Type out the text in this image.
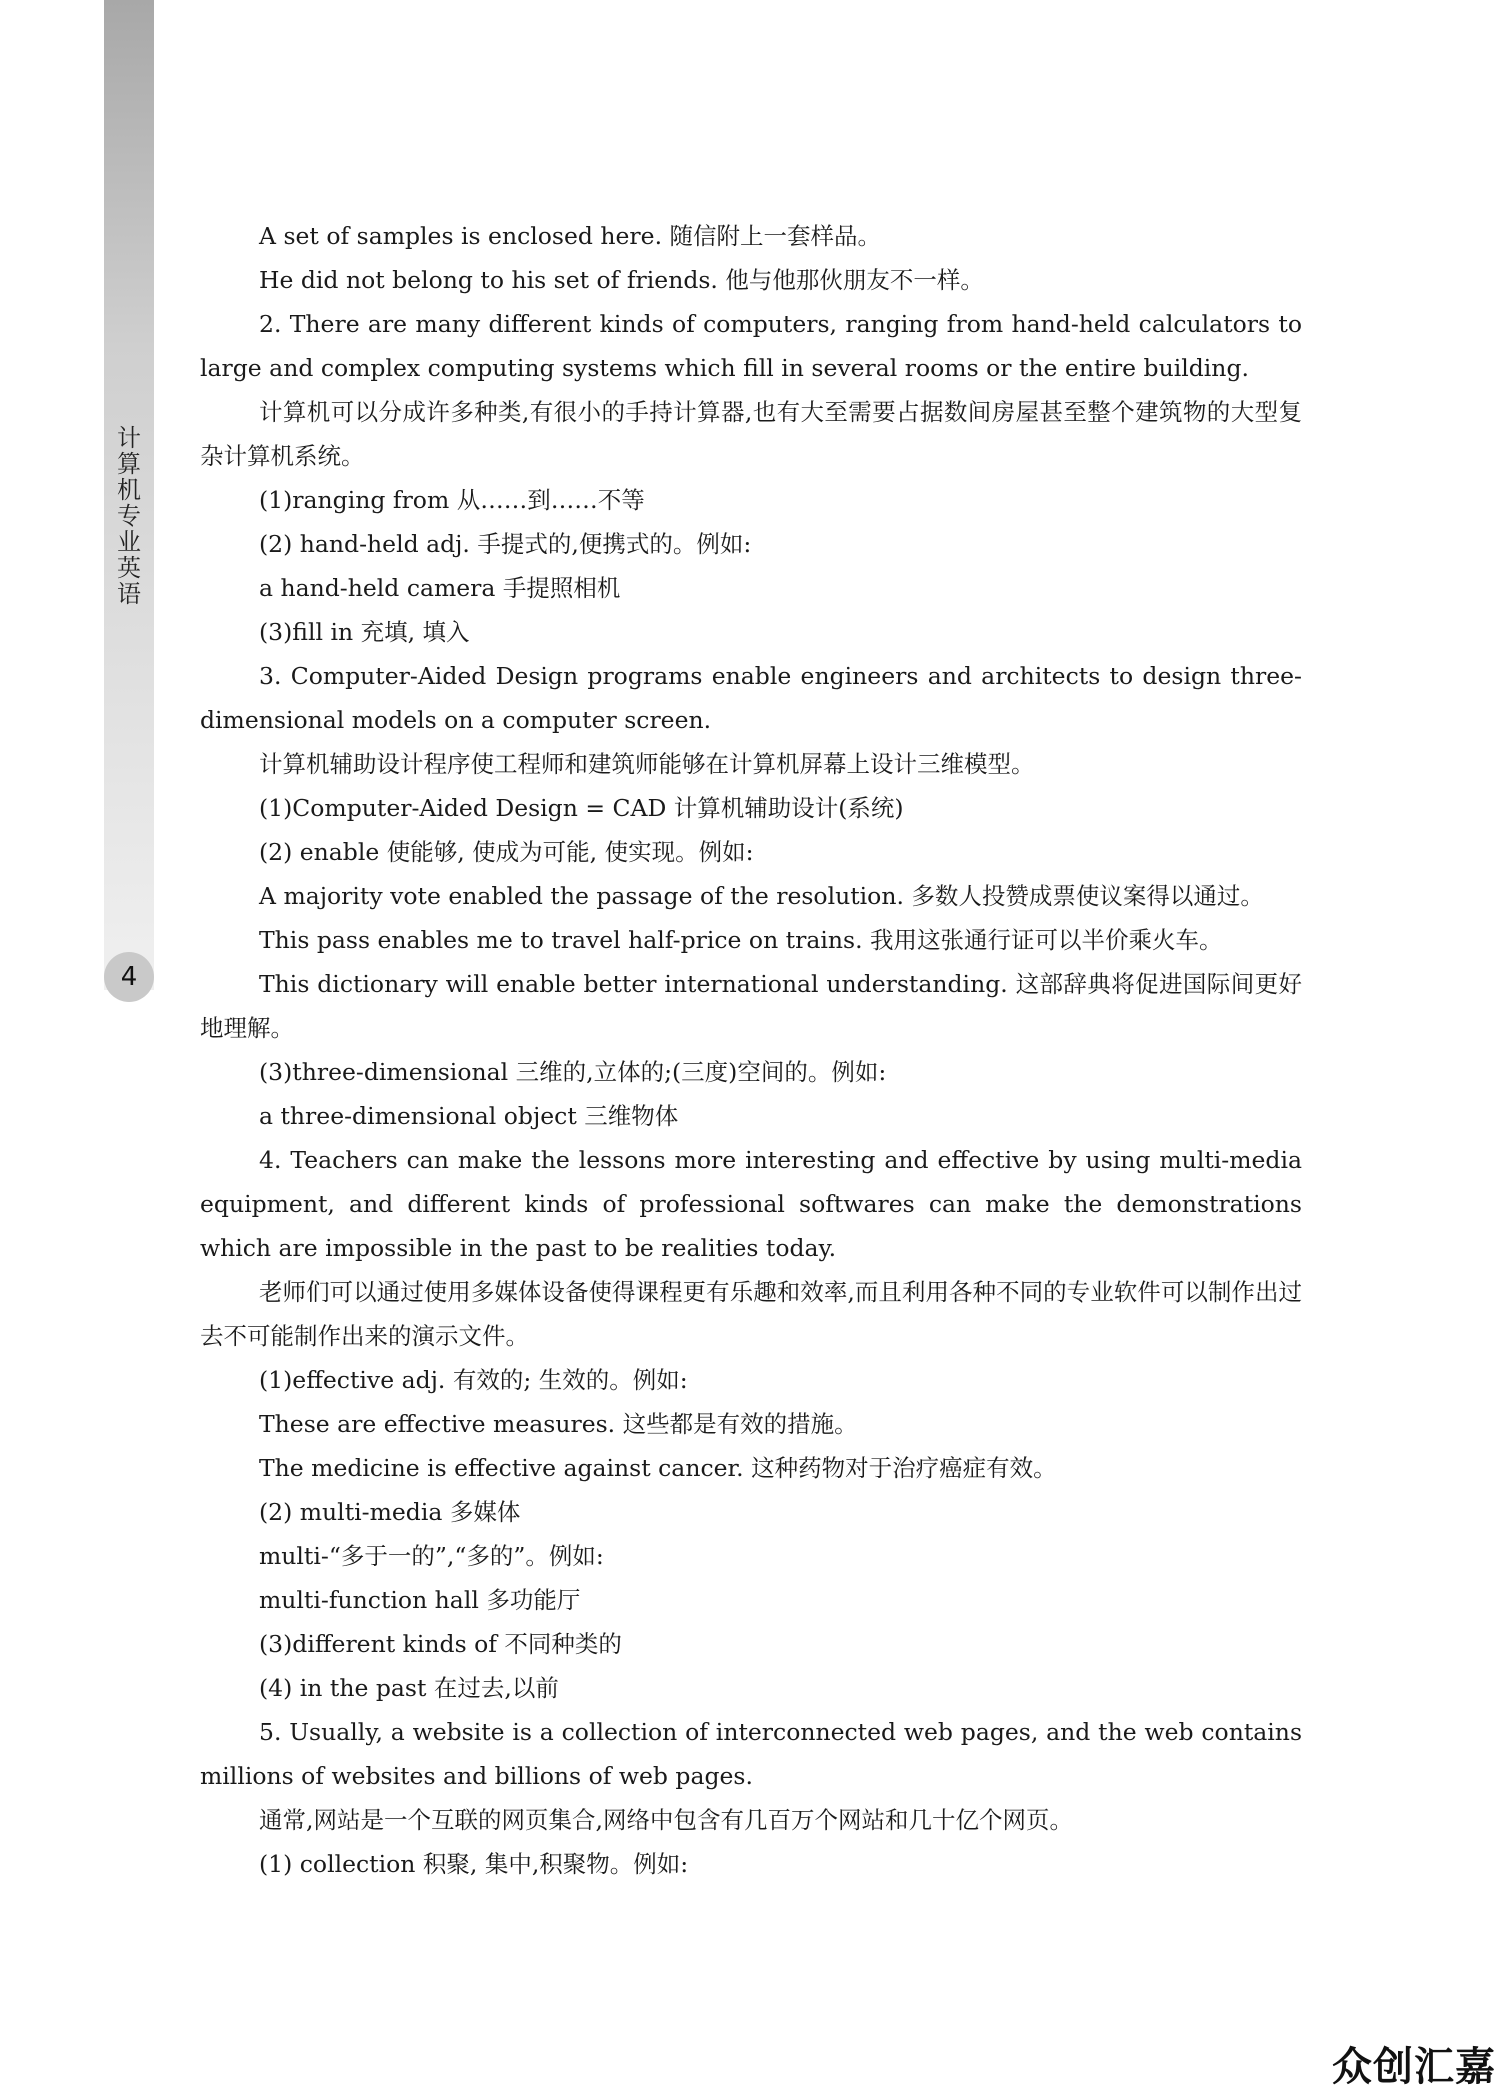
计算机专业英语
4

A set of samples is enclosed here. 随信附上一套样品。

He did not belong to his set of friends. 他与他那伙朋友不一样。

2. There are many different kinds of computers, ranging from hand-held calculators to large and complex computing systems which fill in several rooms or the entire building.

计算机可以分成许多种类,有很小的手持计算器,也有大至需要占据数间房屋甚至整个建筑物的大型复杂计算机系统。

(1)ranging from 从……到……不等

(2) hand-held adj. 手提式的,便携式的。例如:

a hand-held camera 手提照相机

(3)fill in 充填, 填入

3. Computer-Aided Design programs enable engineers and architects to design three-dimensional models on a computer screen.

计算机辅助设计程序使工程师和建筑师能够在计算机屏幕上设计三维模型。

(1)Computer-Aided Design = CAD 计算机辅助设计(系统)

(2) enable 使能够, 使成为可能, 使实现。例如:

A majority vote enabled the passage of the resolution. 多数人投赞成票使议案得以通过。

This pass enables me to travel half-price on trains. 我用这张通行证可以半价乘火车。

This dictionary will enable better international understanding. 这部辞典将促进国际间更好地理解。

(3)three-dimensional 三维的,立体的;(三度)空间的。例如:

a three-dimensional object 三维物体

4. Teachers can make the lessons more interesting and effective by using multi-media equipment, and different kinds of professional softwares can make the demonstrations which are impossible in the past to be realities today.

老师们可以通过使用多媒体设备使得课程更有乐趣和效率,而且利用各种不同的专业软件可以制作出过去不可能制作出来的演示文件。

(1)effective adj. 有效的; 生效的。例如:

These are effective measures. 这些都是有效的措施。

The medicine is effective against cancer. 这种药物对于治疗癌症有效。

(2) multi-media 多媒体

multi-“多于一的”,“多的”。例如:

multi-function hall 多功能厅

(3)different kinds of 不同种类的

(4) in the past 在过去,以前

5. Usually, a website is a collection of interconnected web pages, and the web contains millions of websites and billions of web pages.

通常,网站是一个互联的网页集合,网络中包含有几百万个网站和几十亿个网页。

(1) collection 积聚, 集中,积聚物。例如:

众创汇嘉
